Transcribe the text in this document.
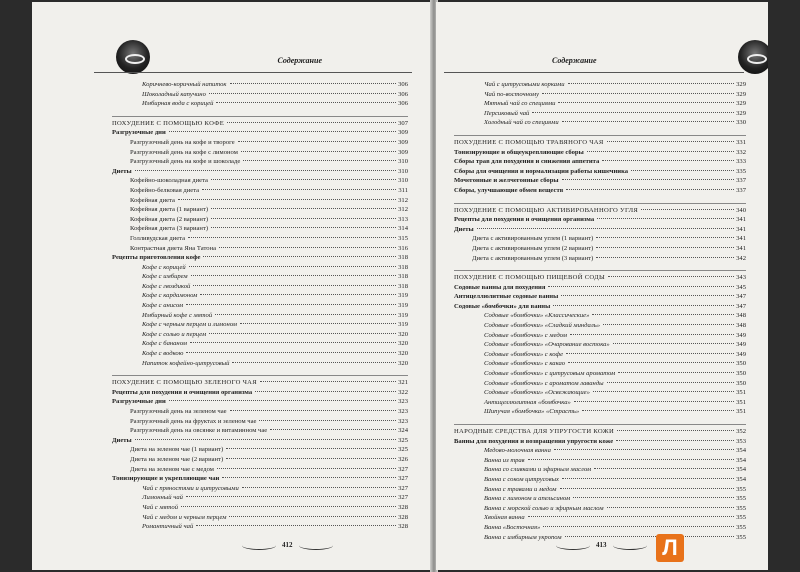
Содержание
Коричнево-коричный напиток	306
Шоколадный капучино	306
Имбирная вода с корицей	306
ПОХУДЕНИЕ С ПОМОЩЬЮ КОФЕ	307
Разгрузочные дни	309
Разгрузочный день на кофе и твороге	309
Разгрузочный день на кофе с лимоном	309
Разгрузочный день на кофе и шоколаде	310
Диеты	310
Кофейно-шоколадная диета	310
Кофейно-белковая диета	311
Кофейная диета	312
Кофейная диета (1 вариант)	312
Кофейная диета (2 вариант)	313
Кофейная диета (3 вариант)	314
Голливудская диета	315
Контрастная диета Яна Татона	316
Рецепты приготовления кофе	318
Кофе с корицей	318
Кофе с имбирем	318
Кофе с гвоздикой	318
Кофе с кардамоном	319
Кофе с анисом	319
Имбирный кофе с мятой	319
Кофе с черным перцем и лимоном	319
Кофе с солью и перцем	320
Кофе с бананом	320
Кофе с водкою	320
Напиток кофейно-цитрусовый	320
ПОХУДЕНИЕ С ПОМОЩЬЮ ЗЕЛЕНОГО ЧАЯ	321
Рецепты для похудения и очищения организма	322
Разгрузочные дни	323
Разгрузочный день на зеленом чае	323
Разгрузочный день на фруктах и зеленом чае	323
Разгрузочный день на овсянке и витаминном чае	324
Диеты	325
Диета на зеленом чае (1 вариант)	325
Диета на зеленом чае (2 вариант)	326
Диета на зеленом чае с медом	327
Тонизирующие и укрепляющие чаи	327
Чай с пряностями и цитрусовыми	327
Лимонный чай	327
Чай с мятой	328
Чай с медом и черным перцем	328
Романтичный чай	328
412
Содержание
Чай с цитрусовыми корками	329
Чай по-восточному	329
Мятный чай со специями	329
Персиковый чай	329
Холодный чай со специями	330
ПОХУДЕНИЕ С ПОМОЩЬЮ ТРАВЯНОГО ЧАЯ	331
Тонизирующие и общеукрепляющие сборы	332
Сборы трав для похудения и снижения аппетита	333
Сборы для очищения и нормализации работы кишечника	335
Мочегонные и желчегонные сборы	337
Сборы, улучшающие обмен веществ	337
ПОХУДЕНИЕ С ПОМОЩЬЮ АКТИВИРОВАННОГО УГЛЯ	340
Рецепты для похудения и очищения организма	341
Диеты	341
Диета с активированным углем (1 вариант)	341
Диета с активированным углем (2 вариант)	341
Диета с активированным углем (3 вариант)	342
ПОХУДЕНИЕ С ПОМОЩЬЮ ПИЩЕВОЙ СОДЫ	343
Содовые ванны для похудения	345
Антицеллюлитные содовые ванны	347
Содовые «бомбочки» для ванны	347
Содовые «бомбочки» «Классические»	348
Содовые «бомбочки» «Сладкий миндаль»	348
Содовые «бомбочки» с медом	349
Содовые «бомбочки» «Очарование востока»	349
Содовые «бомбочки» с кофе	349
Содовые «бомбочки» с какао	350
Содовые «бомбочки» с цитрусовым ароматом	350
Содовые «бомбочки» с ароматом лаванды	350
Содовые «бомбочки» «Освежающие»	351
Антицеллюлитная «бомбочка»	351
Шипучая «бомбочка» «Страсть»	351
НАРОДНЫЕ СРЕДСТВА ДЛЯ УПРУГОСТИ КОЖИ	352
Ванны для похудения и возвращения упругости коже	353
Медово-молочная ванна	354
Ванна из трав	354
Ванна со сливками и эфирным маслом	354
Ванна с соком цитрусовых	354
Ванна с травами и медом	355
Ванна с лимоном и апельсином	355
Ванна с морской солью и эфирным маслом	355
Хвойная ванна	355
Ванна «Восточная»	355
Ванна с имбирным укропом	355
413	Л
